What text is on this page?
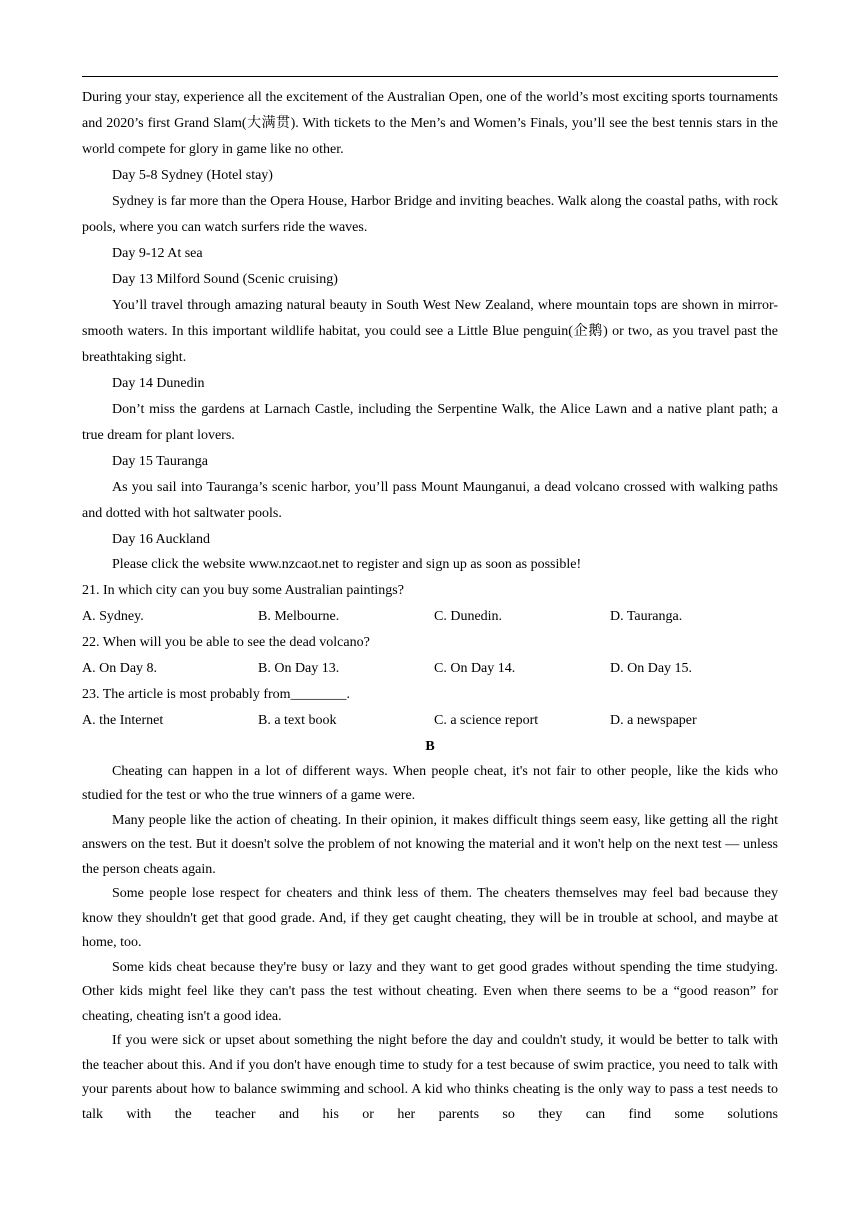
During your stay, experience all the excitement of the Australian Open, one of the world’s most exciting sports tournaments and 2020’s first Grand Slam(大满贯). With tickets to the Men’s and Women’s Finals, you’ll see the best tennis stars in the world compete for glory in game like no other.

Day 5-8 Sydney (Hotel stay)

Sydney is far more than the Opera House, Harbor Bridge and inviting beaches. Walk along the coastal paths, with rock pools, where you can watch surfers ride the waves.

Day 9-12 At sea

Day 13 Milford Sound (Scenic cruising)

You’ll travel through amazing natural beauty in South West New Zealand, where mountain tops are shown in mirror-smooth waters. In this important wildlife habitat, you could see a Little Blue penguin(企鹅) or two, as you travel past the breathtaking sight.

Day 14 Dunedin

Don’t miss the gardens at Larnach Castle, including the Serpentine Walk, the Alice Lawn and a native plant path; a true dream for plant lovers.

Day 15 Tauranga

As you sail into Tauranga’s scenic harbor, you’ll pass Mount Maunganui, a dead volcano crossed with walking paths and dotted with hot saltwater pools.

Day 16 Auckland

Please click the website www.nzcaot.net to register and sign up as soon as possible!

21. In which city can you buy some Australian paintings?

A. Sydney.	B. Melbourne.	C. Dunedin.	D. Tauranga.

22. When will you be able to see the dead volcano?

A. On Day 8.	B. On Day 13.	C. On Day 14.	D. On Day 15.

23. The article is most probably from________.

A. the Internet	B. a text book	C. a science report	D. a newspaper

B

Cheating can happen in a lot of different ways. When people cheat, it's not fair to other people, like the kids who studied for the test or who the true winners of a game were.

Many people like the action of cheating. In their opinion, it makes difficult things seem easy, like getting all the right answers on the test. But it doesn't solve the problem of not knowing the material and it won't help on the next test — unless the person cheats again.

Some people lose respect for cheaters and think less of them. The cheaters themselves may feel bad because they know they shouldn't get that good grade. And, if they get caught cheating, they will be in trouble at school, and maybe at home, too.

Some kids cheat because they're busy or lazy and they want to get good grades without spending the time studying. Other kids might feel like they can't pass the test without cheating. Even when there seems to be a “good reason” for cheating, cheating isn't a good idea.

If you were sick or upset about something the night before the day and couldn't study, it would be better to talk with the teacher about this. And if you don't have enough time to study for a test because of swim practice, you need to talk with your parents about how to balance swimming and school. A kid who thinks cheating is the only way to pass a test needs to talk with the teacher and his or her parents so they can find some solutions
